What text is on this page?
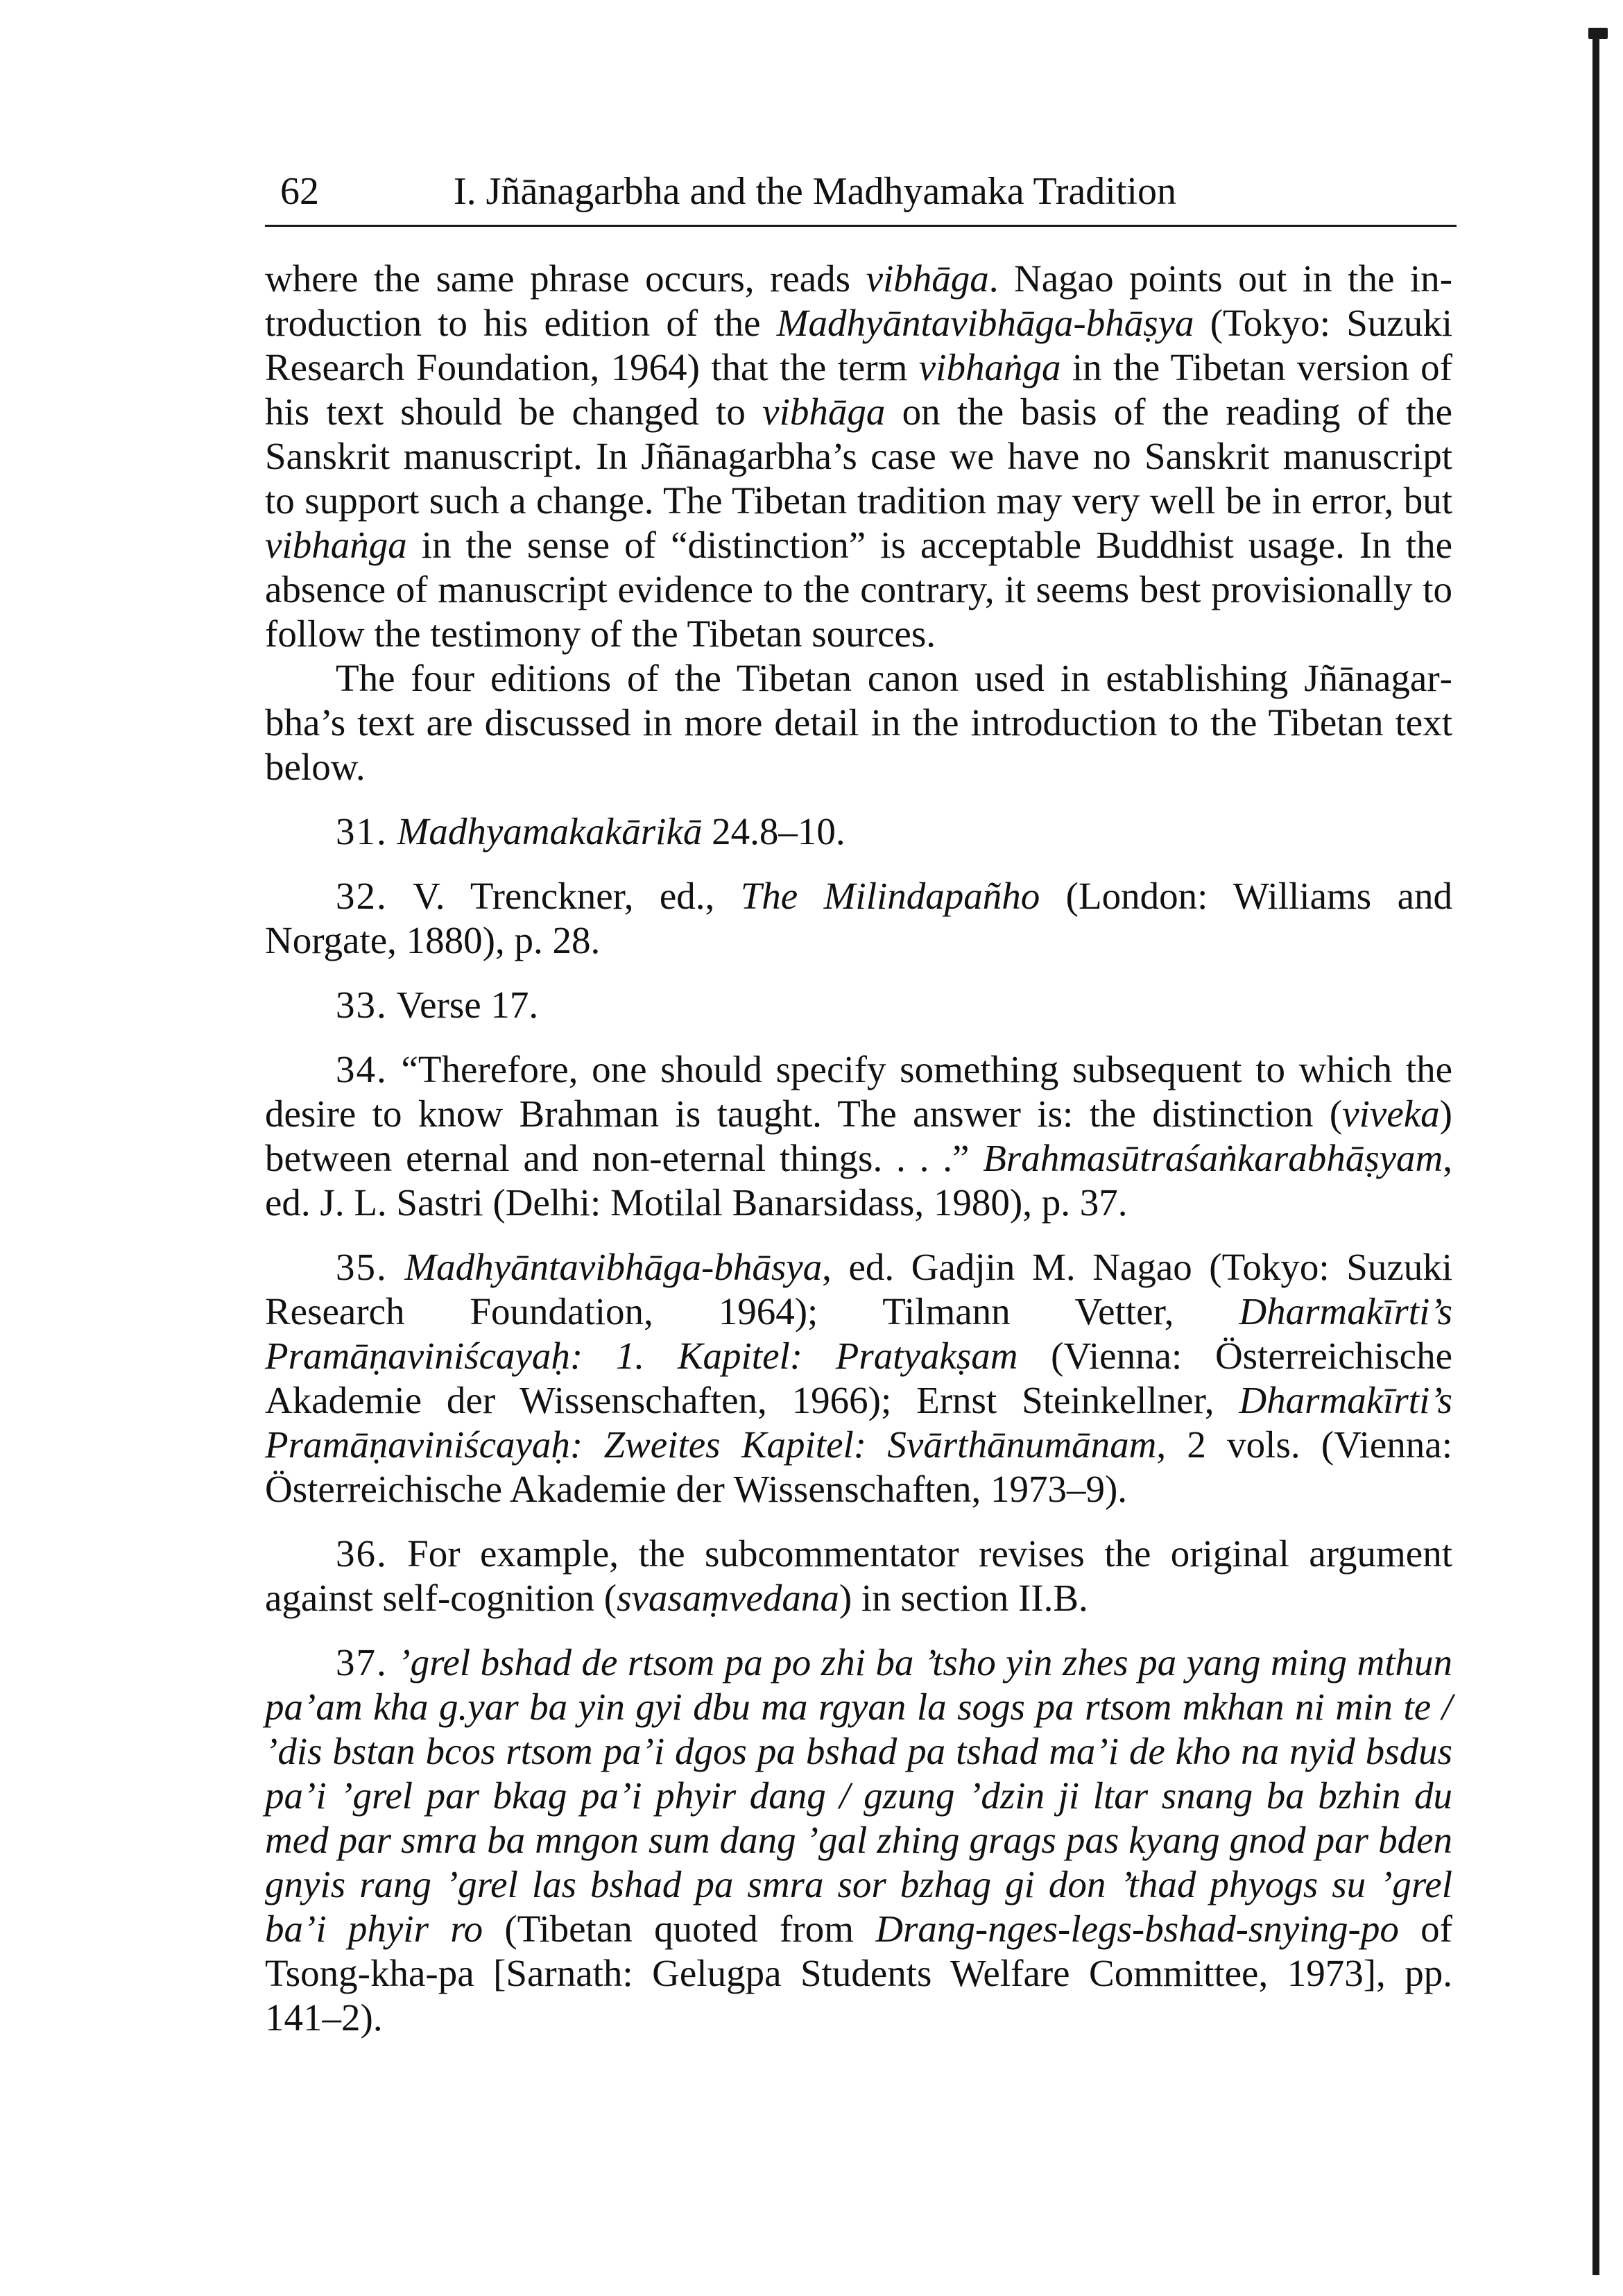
62	I. Jñānagarbha and the Madhyamaka Tradition

where the same phrase occurs, reads vibhāga. Nagao points out in the introduction to his edition of the Madhyāntavibhāga-bhāṣya (Tokyo: Suzuki Research Foundation, 1964) that the term vibhaṅga in the Tibetan version of his text should be changed to vibhāga on the basis of the reading of the Sanskrit manuscript. In Jñānagarbha’s case we have no Sanskrit manuscript to support such a change. The Tibetan tradition may very well be in error, but vibhaṅga in the sense of “distinction” is acceptable Buddhist usage. In the absence of manuscript evidence to the contrary, it seems best provisionally to follow the testimony of the Tibetan sources.

The four editions of the Tibetan canon used in establishing Jñānagarbha’s text are discussed in more detail in the introduction to the Tibetan text below.

31. Madhyamakakārikā 24.8–10.

32. V. Trenckner, ed., The Milindapañho (London: Williams and Norgate, 1880), p. 28.

33. Verse 17.

34. “Therefore, one should specify something subsequent to which the desire to know Brahman is taught. The answer is: the distinction (viveka) between eternal and non-eternal things. . . .” Brahmasūtraśaṅkarabhāṣyam, ed. J. L. Sastri (Delhi: Motilal Banarsidass, 1980), p. 37.

35. Madhyāntavibhāga-bhāsya, ed. Gadjin M. Nagao (Tokyo: Suzuki Research Foundation, 1964); Tilmann Vetter, Dharmakīrti’s Pramāṇaviniścayaḥ: 1. Kapitel: Pratyakṣam (Vienna: Österreichische Akademie der Wissenschaften, 1966); Ernst Steinkellner, Dharmakīrti’s Pramāṇaviniścayaḥ: Zweites Kapitel: Svārthānumānam, 2 vols. (Vienna: Österreichische Akademie der Wissenschaften, 1973–9).

36. For example, the subcommentator revises the original argument against self-cognition (svasaṃvedana) in section II.B.

37. ’grel bshad de rtsom pa po zhi ba ’tsho yin zhes pa yang ming mthun pa’am kha g.yar ba yin gyi dbu ma rgyan la sogs pa rtsom mkhan ni min te / ’dis bstan bcos rtsom pa’i dgos pa bshad pa tshad ma’i de kho na nyid bsdus pa’i ’grel par bkag pa’i phyir dang / gzung ’dzin ji ltar snang ba bzhin du med par smra ba mngon sum dang ’gal zhing grags pas kyang gnod par bden gnyis rang ’grel las bshad pa smra sor bzhag gi don ’thad phyogs su ’grel ba’i phyir ro (Tibetan quoted from Drang-nges-legs-bshad-snying-po of Tsong-kha-pa [Sarnath: Gelugpa Students Welfare Committee, 1973], pp. 141–2).
